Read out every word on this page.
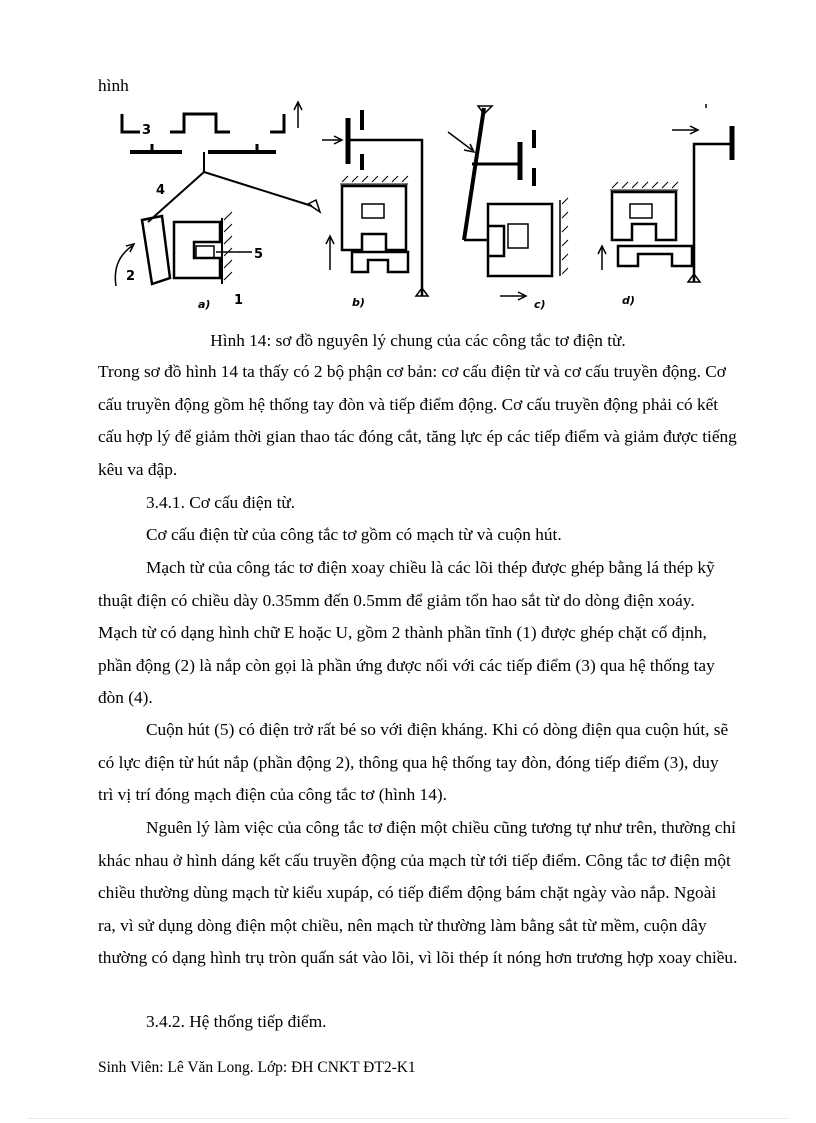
hình

3
4
2
5
1
a)	b)	c)	d)

Hình 14: sơ đồ nguyên lý chung của các công tắc tơ điện từ.

Trong sơ đồ hình 14 ta thấy có 2 bộ phận cơ bản: cơ cấu điện từ và cơ cấu truyền động. Cơ cấu truyền động gồm hệ thống tay đòn và tiếp điểm động. Cơ cấu truyền động phải có kết cấu hợp lý để giảm thời gian thao tác đóng cắt, tăng lực ép các tiếp điểm và giảm được tiếng kêu va đập.

3.4.1. Cơ cấu điện từ.

Cơ cấu điện từ của công tắc tơ gồm có mạch từ và cuộn hút.

Mạch từ của công tác tơ điện xoay chiều là các lõi thép được ghép bằng lá thép kỹ thuật điện có chiều dày 0.35mm đến 0.5mm để giảm tổn hao sắt từ do dòng điện xoáy. Mạch từ có dạng hình chữ E hoặc U, gồm 2 thành phần tĩnh (1) được ghép chặt cố định, phần động (2) là nắp còn gọi là phần ứng được nối với các tiếp điểm (3) qua hệ thống tay đòn (4).

Cuộn hút (5) có điện trở rất bé so với điện kháng. Khi có dòng điện qua cuộn hút, sẽ có lực điện từ hút nắp (phần động 2), thông qua hệ thống tay đòn, đóng tiếp điểm (3), duy trì vị trí đóng mạch điện của công tắc tơ (hình 14).

Nguên lý làm việc của công tắc tơ điện một chiều cũng tương tự như trên, thường chỉ khác nhau ở hình dáng kết cấu truyền động của mạch từ tới tiếp điểm. Công tắc tơ điện một chiều thường dùng mạch từ kiểu xupáp, có tiếp điểm động bám chặt ngày vào nắp. Ngoài ra, vì sử dụng dòng điện một chiều, nên mạch từ thường làm bằng sắt từ mềm, cuộn dây thường có dạng hình trụ tròn quấn sát vào lõi, vì lõi thép ít nóng hơn trương hợp xoay chiều.

3.4.2. Hệ thống tiếp điểm.

Sinh Viên: Lê Văn Long. Lớp: ĐH CNKT ĐT2-K1
